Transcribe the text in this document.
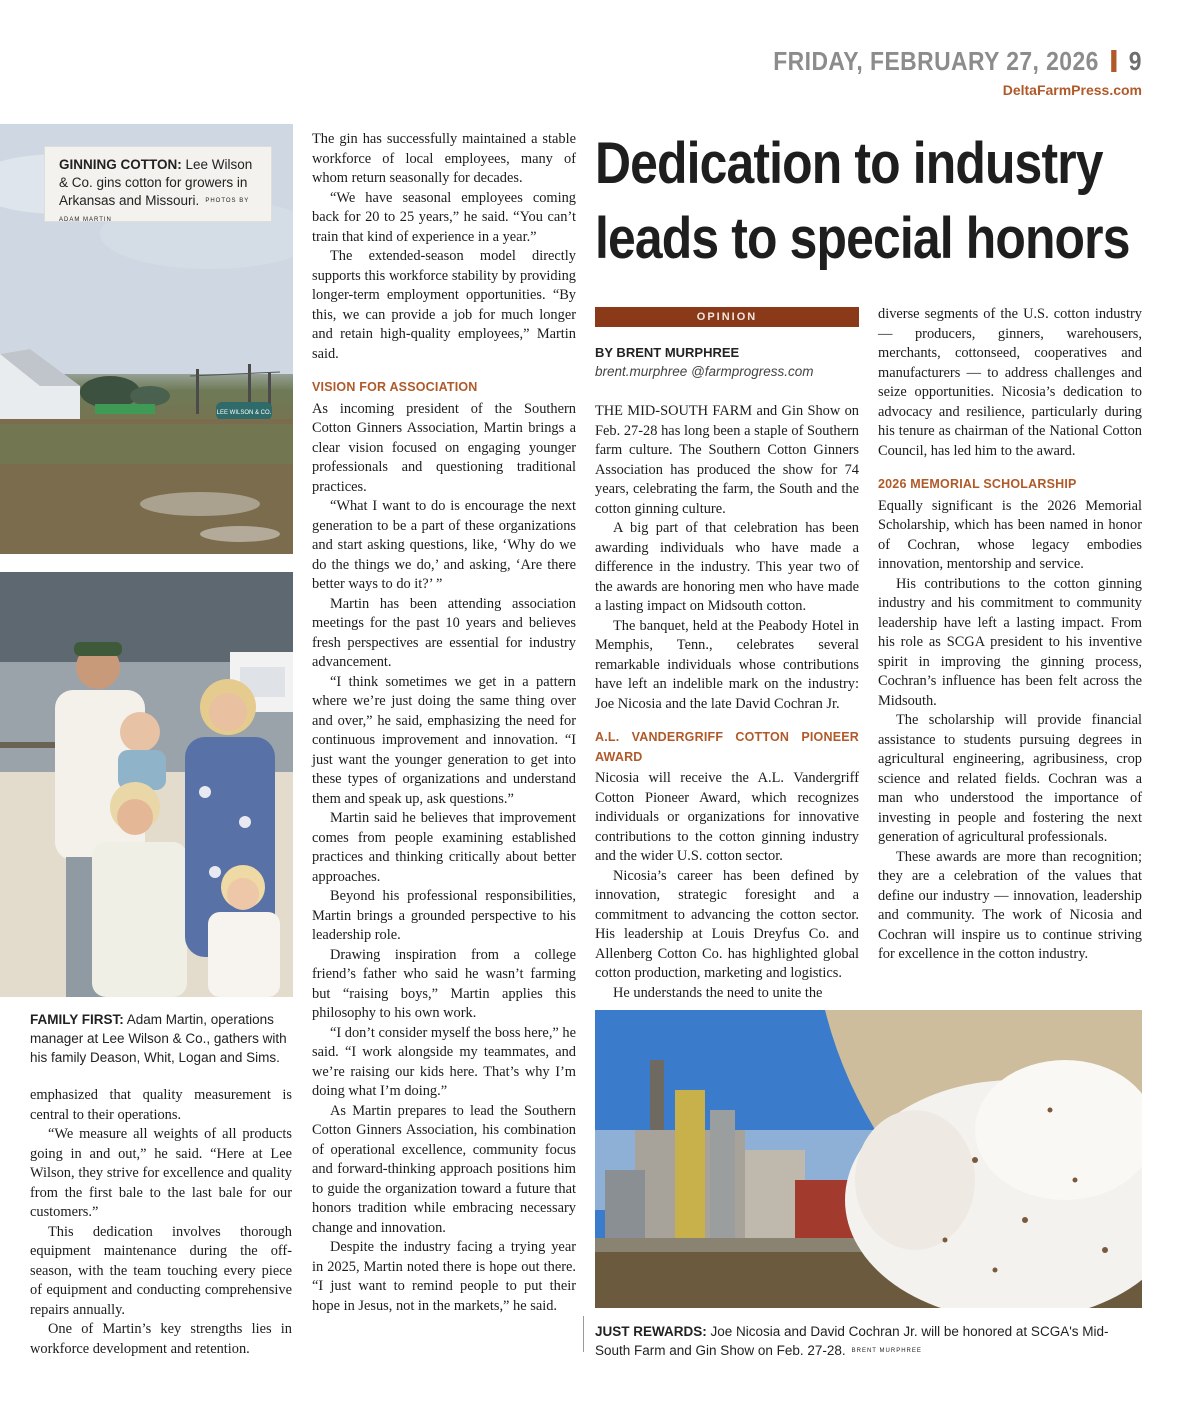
FRIDAY, FEBRUARY 27, 2026 9
DeltaFarmPress.com
LEE WILSON & CO.
GINNING COTTON: Lee Wilson & Co. gins cotton for growers in Arkansas and Missouri. PHOTOS BY ADAM MARTIN
FAMILY FIRST: Adam Martin, operations manager at Lee Wilson & Co., gathers with his family Deason, Whit, Logan and Sims.

emphasized that quality measurement is central to their operations.

“We measure all weights of all products going in and out,” he said. “Here at Lee Wilson, they strive for excellence and quality from the first bale to the last bale for our customers.”

This dedication involves thorough equipment maintenance during the off-season, with the team touching every piece of equipment and conducting comprehensive repairs annually.

One of Martin’s key strengths lies in workforce development and retention.

The gin has successfully maintained a stable workforce of local employees, many of whom return seasonally for decades.

“We have seasonal employees coming back for 20 to 25 years,” he said. “You can’t train that kind of experience in a year.”

The extended-season model directly supports this workforce stability by providing longer-term employment opportunities. “By this, we can provide a job for much longer and retain high-quality employees,” Martin said.

VISION FOR ASSOCIATION

As incoming president of the Southern Cotton Ginners Association, Martin brings a clear vision focused on engaging younger professionals and questioning traditional practices.

“What I want to do is encourage the next generation to be a part of these organizations and start asking questions, like, ‘Why do we do the things we do,’ and asking, ‘Are there better ways to do it?’ ”

Martin has been attending association meetings for the past 10 years and believes fresh perspectives are essential for industry advancement.

“I think sometimes we get in a pattern where we’re just doing the same thing over and over,” he said, emphasizing the need for continuous improvement and innovation. “I just want the younger generation to get into these types of organizations and understand them and speak up, ask questions.”

Martin said he believes that improvement comes from people examining established practices and thinking critically about better approaches.

Beyond his professional responsibilities, Martin brings a grounded perspective to his leadership role.

Drawing inspiration from a college friend’s father who said he wasn’t farming but “raising boys,” Martin applies this philosophy to his own work.

“I don’t consider myself the boss here,” he said. “I work alongside my teammates, and we’re raising our kids here. That’s why I’m doing what I’m doing.”

As Martin prepares to lead the Southern Cotton Ginners Association, his combination of operational excellence, community focus and forward-thinking approach positions him to guide the organization toward a future that honors tradition while embracing necessary change and innovation.

Despite the industry facing a trying year in 2025, Martin noted there is hope out there. “I just want to remind people to put their hope in Jesus, not in the markets,” he said.

Dedication to industry
leads to special honors
OPINION
BY BRENT MURPHREE
brent.murphree @farmprogress.com

THE MID-SOUTH FARM and Gin Show on Feb. 27-28 has long been a staple of Southern farm culture. The Southern Cotton Ginners Association has produced the show for 74 years, celebrating the farm, the South and the cotton ginning culture.

A big part of that celebration has been awarding individuals who have made a difference in the industry. This year two of the awards are honoring men who have made a lasting impact on Midsouth cotton.

The banquet, held at the Peabody Hotel in Memphis, Tenn., celebrates several remarkable individuals whose contributions have left an indelible mark on the industry: Joe Nicosia and the late David Cochran Jr.

A.L. VANDERGRIFF COTTON PIONEER AWARD

Nicosia will receive the A.L. Vandergriff Cotton Pioneer Award, which recognizes individuals or organizations for innovative contributions to the cotton ginning industry and the wider U.S. cotton sector.

Nicosia’s career has been defined by innovation, strategic foresight and a commitment to advancing the cotton sector. His leadership at Louis Dreyfus Co. and Allenberg Cotton Co. has highlighted global cotton production, marketing and logistics.

He understands the need to unite the

diverse segments of the U.S. cotton industry — producers, ginners, warehousers, merchants, cottonseed, cooperatives and manufacturers — to address challenges and seize opportunities. Nicosia’s dedication to advocacy and resilience, particularly during his tenure as chairman of the National Cotton Council, has led him to the award.

2026 MEMORIAL SCHOLARSHIP

Equally significant is the 2026 Memorial Scholarship, which has been named in honor of Cochran, whose legacy embodies innovation, mentorship and service.

His contributions to the cotton ginning industry and his commitment to community leadership have left a lasting impact. From his role as SCGA president to his inventive spirit in improving the ginning process, Cochran’s influence has been felt across the Midsouth.

The scholarship will provide financial assistance to students pursuing degrees in agricultural engineering, agribusiness, crop science and related fields. Cochran was a man who understood the importance of investing in people and fostering the next generation of agricultural professionals.

These awards are more than recognition; they are a celebration of the values that define our industry — innovation, leadership and community. The work of Nicosia and Cochran will inspire us to continue striving for excellence in the cotton industry.

JUST REWARDS: Joe Nicosia and David Cochran Jr. will be honored at SCGA's Mid-South Farm and Gin Show on Feb. 27-28. BRENT MURPHREE
